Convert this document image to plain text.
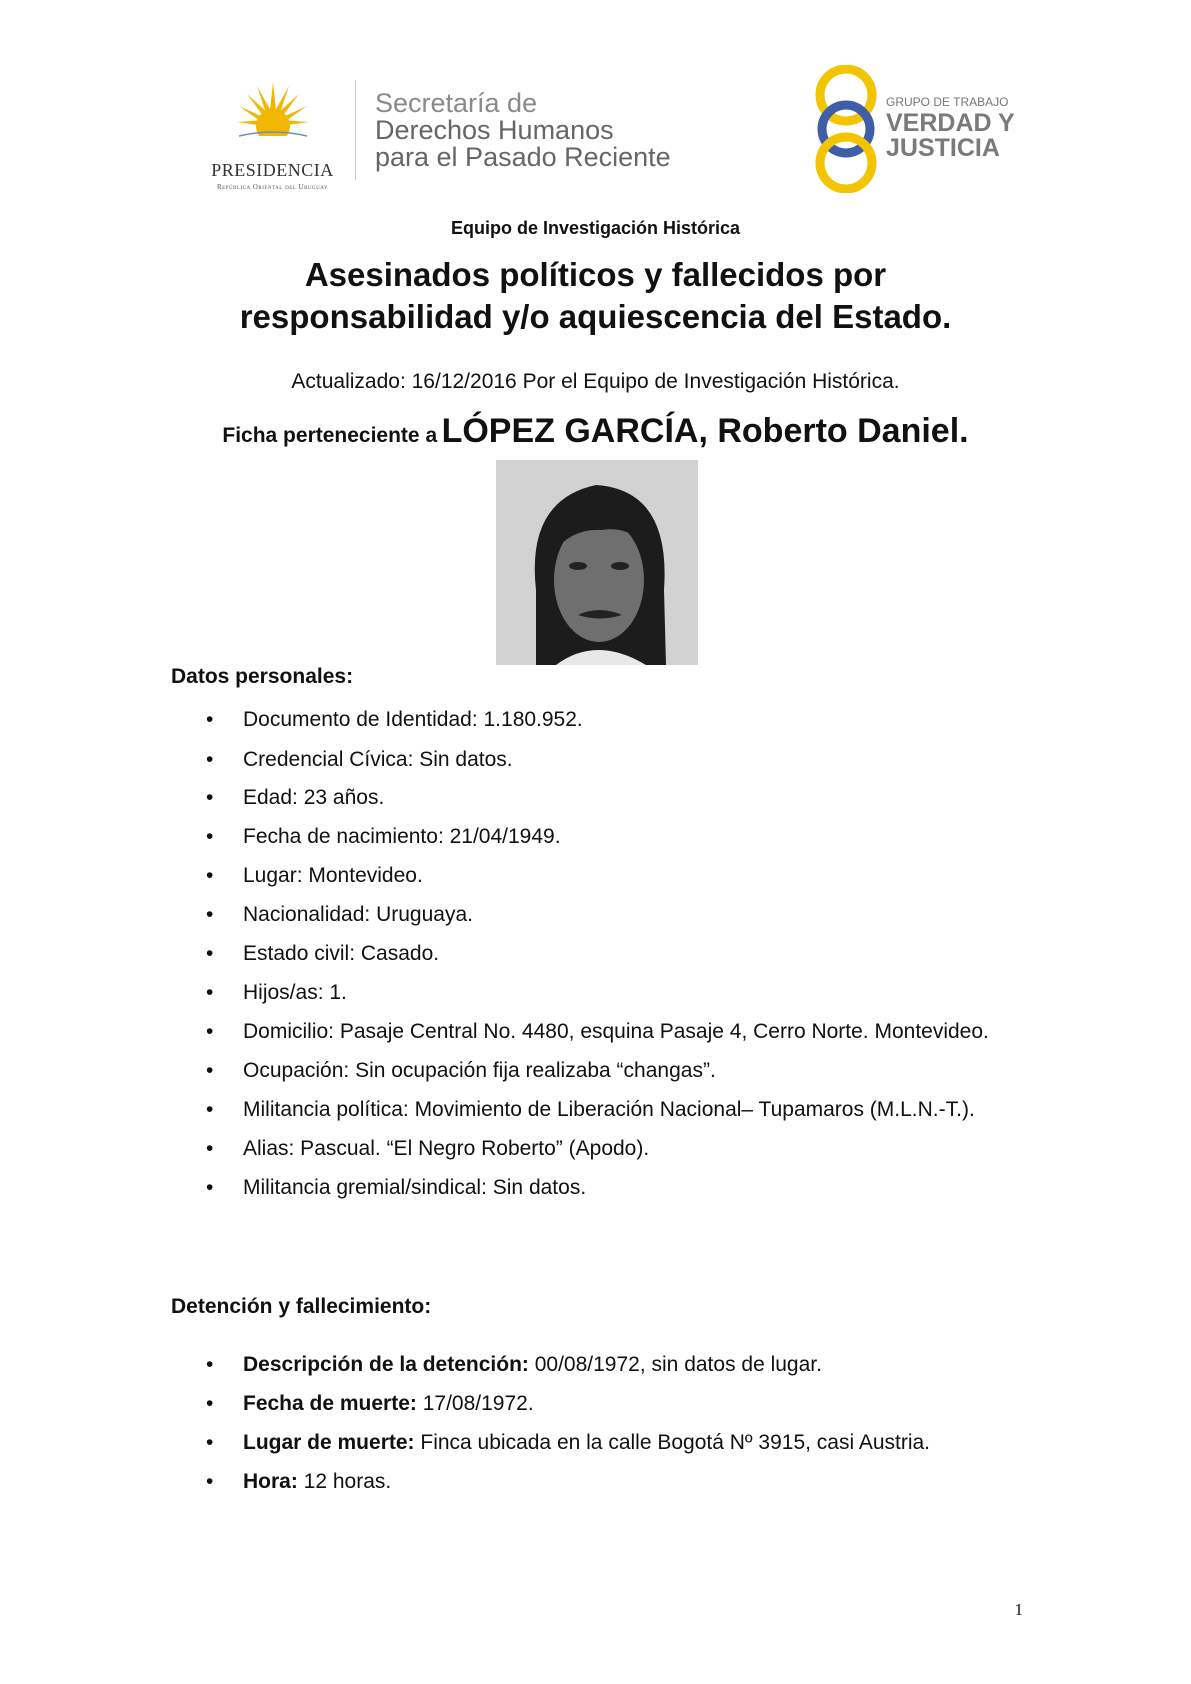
PRESIDENCIA
República Oriental del Uruguay
Secretaría de
Derechos Humanos
para el Pasado Reciente
GRUPO DE TRABAJO
VERDAD Y
JUSTICIA
Equipo de Investigación Histórica
Asesinados políticos y fallecidos por
responsabilidad y/o aquiescencia del Estado.
Actualizado: 16/12/2016 Por el Equipo de Investigación Histórica.
Ficha perteneciente a LÓPEZ GARCÍA, Roberto Daniel.
Datos personales:
• Documento de Identidad: 1.180.952.
• Credencial Cívica: Sin datos.
• Edad: 23 años.
• Fecha de nacimiento: 21/04/1949.
• Lugar: Montevideo.
• Nacionalidad: Uruguaya.
• Estado civil: Casado.
• Hijos/as: 1.
• Domicilio: Pasaje Central No. 4480, esquina Pasaje 4, Cerro Norte. Montevideo.
• Ocupación: Sin ocupación fija realizaba “changas”.
• Militancia política: Movimiento de Liberación Nacional– Tupamaros (M.L.N.-T.).
• Alias: Pascual. “El Negro Roberto” (Apodo).
• Militancia gremial/sindical: Sin datos.
Detención y fallecimiento:
• Descripción de la detención: 00/08/1972, sin datos de lugar.
• Fecha de muerte: 17/08/1972.
• Lugar de muerte: Finca ubicada en la calle Bogotá Nº 3915, casi Austria.
• Hora: 12 horas.
1
